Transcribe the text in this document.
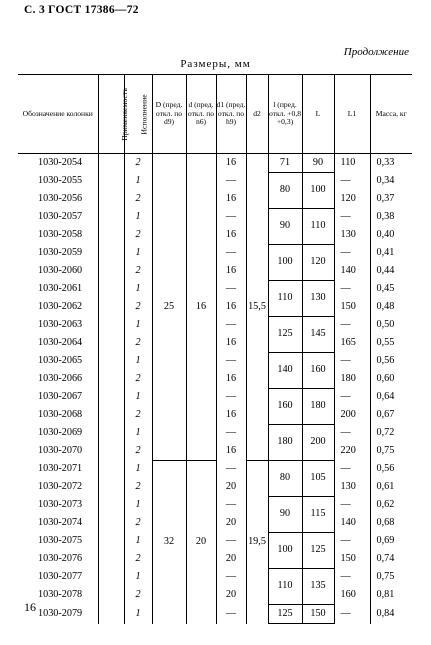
С. 3 ГОСТ 17386—72
Продолжение
Размеры, мм
Обозначение колонки	Применяемость	Исполнение	D (пред. откл. по d9)	d (пред. откл. по n6)	d1 (пред. откл. по h9)	d2	l (пред. откл. +0,8 +0,3)	L	L1	Масса, кг
1030-2054		2	25	16	16	15,5	71	90	110	0,33
1030-2055		1			—		80	100	—	0,34
1030-2056		2			16				120	0,37
1030-2057		1			—		90	110	—	0,38
1030-2058		2			16				130	0,40
1030-2059		1			—		100	120	—	0,41
1030-2060		2			16				140	0,44
1030-2061		1			—		110	130	—	0,45
1030-2062		2			16				150	0,48
1030-2063		1			—		125	145	—	0,50
1030-2064		2			16				165	0,55
1030-2065		1			—		140	160	—	0,56
1030-2066		2			16				180	0,60
1030-2067		1			—		160	180	—	0,64
1030-2068		2			16				200	0,67
1030-2069		1			—		180	200	—	0,72
1030-2070		2			16				220	0,75
1030-2071		1	32	20	—	19,5	80	105	—	0,56
1030-2072		2			20				130	0,61
1030-2073		1			—		90	115	—	0,62
1030-2074		2			20				140	0,68
1030-2075		1			—		100	125	—	0,69
1030-2076		2			20				150	0,74
1030-2077		1			—		110	135	—	0,75
1030-2078		2			20				160	0,81
1030-2079		1			—		125	150	—	0,84
16
